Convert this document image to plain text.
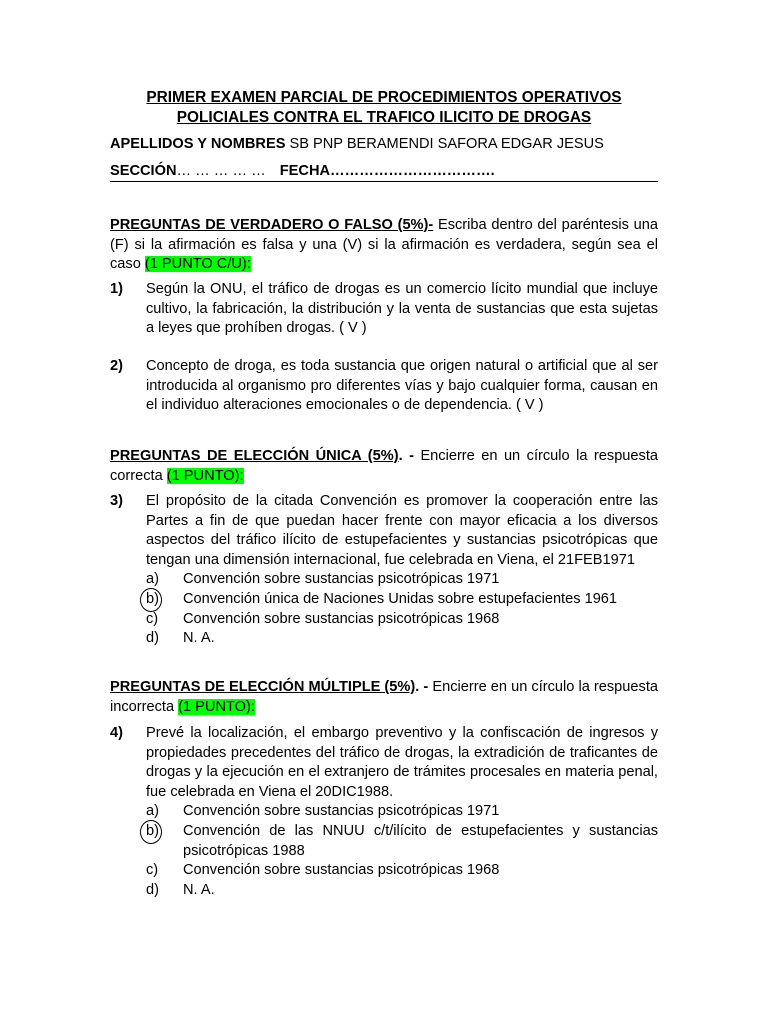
PRIMER EXAMEN PARCIAL DE PROCEDIMIENTOS OPERATIVOS
POLICIALES CONTRA EL TRAFICO ILICITO DE DROGAS
APELLIDOS Y NOMBRES SB PNP BERAMENDI SAFORA EDGAR JESUS
SECCIÓN… … … … … FECHA…………………………….
PREGUNTAS DE VERDADERO O FALSO (5%)- Escriba dentro del paréntesis una (F) si la afirmación es falsa y una (V) si la afirmación es verdadera, según sea el caso (1 PUNTO C/U):
1) Según la ONU, el tráfico de drogas es un comercio lícito mundial que incluye cultivo, la fabricación, la distribución y la venta de sustancias que esta sujetas a leyes que prohíben drogas. ( V )
2) Concepto de droga, es toda sustancia que origen natural o artificial que al ser introducida al organismo pro diferentes vías y bajo cualquier forma, causan en el individuo alteraciones emocionales o de dependencia. ( V )
PREGUNTAS DE ELECCIÓN ÚNICA (5%). - Encierre en un círculo la respuesta correcta (1 PUNTO):
3) El propósito de la citada Convención es promover la cooperación entre las Partes a fin de que puedan hacer frente con mayor eficacia a los diversos aspectos del tráfico ilícito de estupefacientes y sustancias psicotrópicas que tengan una dimensión internacional, fue celebrada en Viena, el 21FEB1971
a)	Convención sobre sustancias psicotrópicas 1971
b)	Convención única de Naciones Unidas sobre estupefacientes 1961
c)	Convención sobre sustancias psicotrópicas 1968
d)	N. A.
PREGUNTAS DE ELECCIÓN MÚLTIPLE (5%). - Encierre en un círculo la respuesta incorrecta (1 PUNTO):
4) Prevé la localización, el embargo preventivo y la confiscación de ingresos y propiedades precedentes del tráfico de drogas, la extradición de traficantes de drogas y la ejecución en el extranjero de trámites procesales en materia penal, fue celebrada en Viena el 20DIC1988.
a)	Convención sobre sustancias psicotrópicas 1971
b)	Convención de las NNUU c/t/ilícito de estupefacientes y sustancias psicotrópicas 1988
c)	Convención sobre sustancias psicotrópicas 1968
d)	N. A.
